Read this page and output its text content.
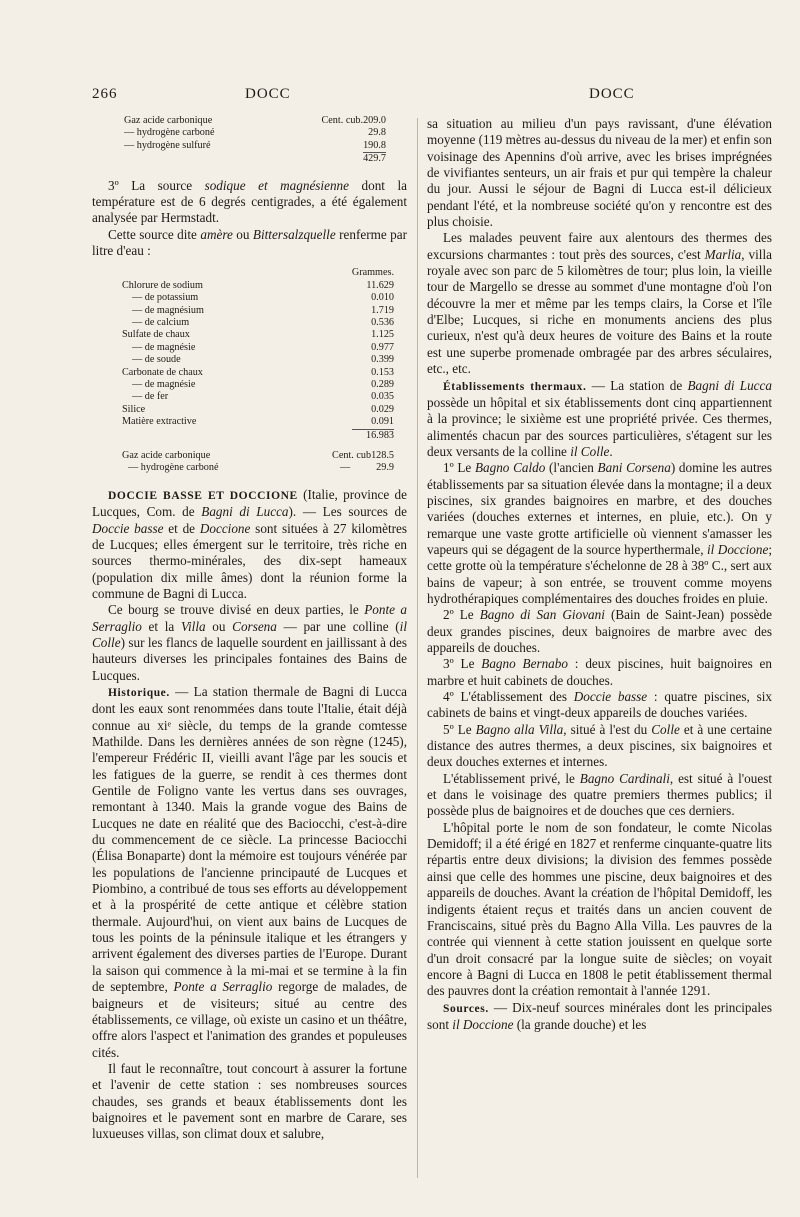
266	DOCC	DOCC
Gaz acide carbonique	Cent. cub.	209.0
— hydrogène carboné		29.8
— hydrogène sulfuré		190.8
		429.7

3º La source sodique et magnésienne dont la température est de 6 degrés centigrades, a été également analysée par Hermstadt.

Cette source dite amère ou Bittersalzquelle renferme par litre d'eau :

	Grammes.
Chlorure de sodium	11.629
— de potassium	0.010
— de magnésium	1.719
— de calcium	0.536
Sulfate de chaux	1.125
— de magnésie	0.977
— de soude	0.399
Carbonate de chaux	0.153
— de magnésie	0.289
— de fer	0.035
Silice	0.029
Matière extractive	0.091
	16.983
Gaz acide carbonique	Cent. cub	128.5
— hydrogène carboné	—	29.9

DOCCIE BASSE ET DOCCIONE (Italie, province de Lucques, Com. de Bagni di Lucca). — Les sources de Doccie basse et de Doccione sont situées à 27 kilomètres de Lucques; elles émergent sur le territoire, très riche en sources thermo-minérales, des dix-sept hameaux (population dix mille âmes) dont la réunion forme la commune de Bagni di Lucca.

Ce bourg se trouve divisé en deux parties, le Ponte a Serraglio et la Villa ou Corsena — par une colline (il Colle) sur les flancs de laquelle sourdent en jaillissant à des hauteurs diverses les principales fontaines des Bains de Lucques.

Historique. — La station thermale de Bagni di Lucca dont les eaux sont renommées dans toute l'Italie, était déjà connue au xiᵉ siècle, du temps de la grande comtesse Mathilde. Dans les dernières années de son règne (1245), l'empereur Frédéric II, vieilli avant l'âge par les soucis et les fatigues de la guerre, se rendit à ces thermes dont Gentile de Foligno vante les vertus dans ses ouvrages, remontant à 1340. Mais la grande vogue des Bains de Lucques ne date en réalité que des Baciocchi, c'est-à-dire du commencement de ce siècle. La princesse Baciocchi (Élisa Bonaparte) dont la mémoire est toujours vénérée par les populations de l'ancienne principauté de Lucques et Piombino, a contribué de tous ses efforts au développement et à la prospérité de cette antique et célèbre station thermale. Aujourd'hui, on vient aux bains de Lucques de tous les points de la péninsule italique et les étrangers y arrivent également des diverses parties de l'Europe. Durant la saison qui commence à la mi-mai et se termine à la fin de septembre, Ponte a Serraglio regorge de malades, de baigneurs et de visiteurs; situé au centre des établissements, ce village, où existe un casino et un théâtre, offre alors l'aspect et l'animation des grandes et populeuses cités.

Il faut le reconnaître, tout concourt à assurer la fortune et l'avenir de cette station : ses nombreuses sources chaudes, ses grands et beaux établissements dont les baignoires et le pavement sont en marbre de Carare, ses luxueuses villas, son climat doux et salubre,

sa situation au milieu d'un pays ravissant, d'une élévation moyenne (119 mètres au-dessus du niveau de la mer) et enfin son voisinage des Apennins d'où arrive, avec les brises imprégnées de vivifiantes senteurs, un air frais et pur qui tempère la chaleur du jour. Aussi le séjour de Bagni di Lucca est-il délicieux pendant l'été, et la nombreuse société qu'on y rencontre est des plus choisie.

Les malades peuvent faire aux alentours des thermes des excursions charmantes : tout près des sources, c'est Marlia, villa royale avec son parc de 5 kilomètres de tour; plus loin, la vieille tour de Margello se dresse au sommet d'une montagne d'où l'on découvre la mer et même par les temps clairs, la Corse et l'île d'Elbe; Lucques, si riche en monuments anciens des plus curieux, n'est qu'à deux heures de voiture des Bains et la route est une superbe promenade ombragée par des arbres séculaires, etc., etc.

Établissements thermaux. — La station de Bagni di Lucca possède un hôpital et six établissements dont cinq appartiennent à la province; le sixième est une propriété privée. Ces thermes, alimentés chacun par des sources particulières, s'étagent sur les deux versants de la colline il Colle.

1º Le Bagno Caldo (l'ancien Bani Corsena) domine les autres établissements par sa situation élevée dans la montagne; il a deux piscines, six grandes baignoires en marbre, et des douches variées (douches externes et internes, en pluie, etc.). On y remarque une vaste grotte artificielle où viennent s'amasser les vapeurs qui se dégagent de la source hyperthermale, il Doccione; cette grotte où la température s'échelonne de 28 à 38º C., sert aux bains de vapeur; à son entrée, se trouvent comme moyens hydrothérapiques complémentaires des douches froides en pluie.

2º Le Bagno di San Giovani (Bain de Saint-Jean) possède deux grandes piscines, deux baignoires de marbre avec des appareils de douches.

3º Le Bagno Bernabo : deux piscines, huit baignoires en marbre et huit cabinets de douches.

4º L'établissement des Doccie basse : quatre piscines, six cabinets de bains et vingt-deux appareils de douches variées.

5º Le Bagno alla Villa, situé à l'est du Colle et à une certaine distance des autres thermes, a deux piscines, six baignoires et deux douches externes et internes.

L'établissement privé, le Bagno Cardinali, est situé à l'ouest et dans le voisinage des quatre premiers thermes publics; il possède plus de baignoires et de douches que ces derniers.

L'hôpital porte le nom de son fondateur, le comte Nicolas Demidoff; il a été érigé en 1827 et renferme cinquante-quatre lits répartis entre deux divisions; la division des femmes possède ainsi que celle des hommes une piscine, deux baignoires et des appareils de douches. Avant la création de l'hôpital Demidoff, les indigents étaient reçus et traités dans un ancien couvent de Franciscains, situé près du Bagno Alla Villa. Les pauvres de la contrée qui viennent à cette station jouissent en quelque sorte d'un droit consacré par la longue suite de siècles; on voyait encore à Bagni di Lucca en 1808 le petit établissement thermal des pauvres dont la création remontait à l'année 1291.

Sources. — Dix-neuf sources minérales dont les principales sont il Doccione (la grande douche) et les
